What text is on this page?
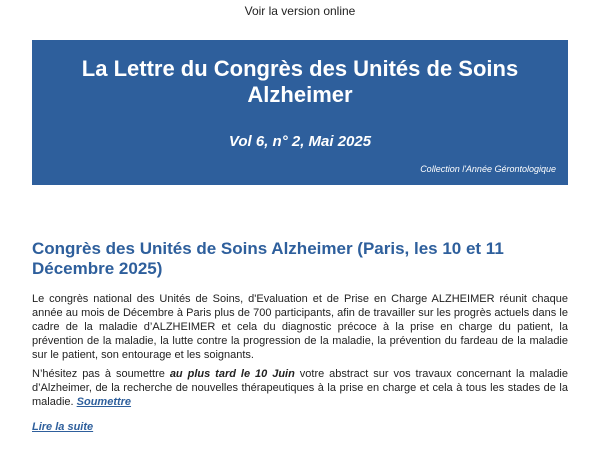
Voir la version online
La Lettre du Congrès des Unités de Soins Alzheimer
Vol 6, n° 2, Mai 2025
Collection l'Année Gérontologique
Congrès des Unités de Soins Alzheimer (Paris, les 10 et 11 Décembre 2025)

Le congrès national des Unités de Soins, d'Evaluation et de Prise en Charge ALZHEIMER réunit chaque année au mois de Décembre à Paris plus de 700 participants, afin de travailler sur les progrès actuels dans le cadre de la maladie d’ALZHEIMER et cela du diagnostic précoce à la prise en charge du patient, la prévention de la maladie, la lutte contre la progression de la maladie, la prévention du fardeau de la maladie sur le patient, son entourage et les soignants.

N’hésitez pas à soumettre au plus tard le 10 Juin votre abstract sur vos travaux concernant la maladie d’Alzheimer, de la recherche de nouvelles thérapeutiques à la prise en charge et cela à tous les stades de la maladie. Soumettre

Lire la suite
